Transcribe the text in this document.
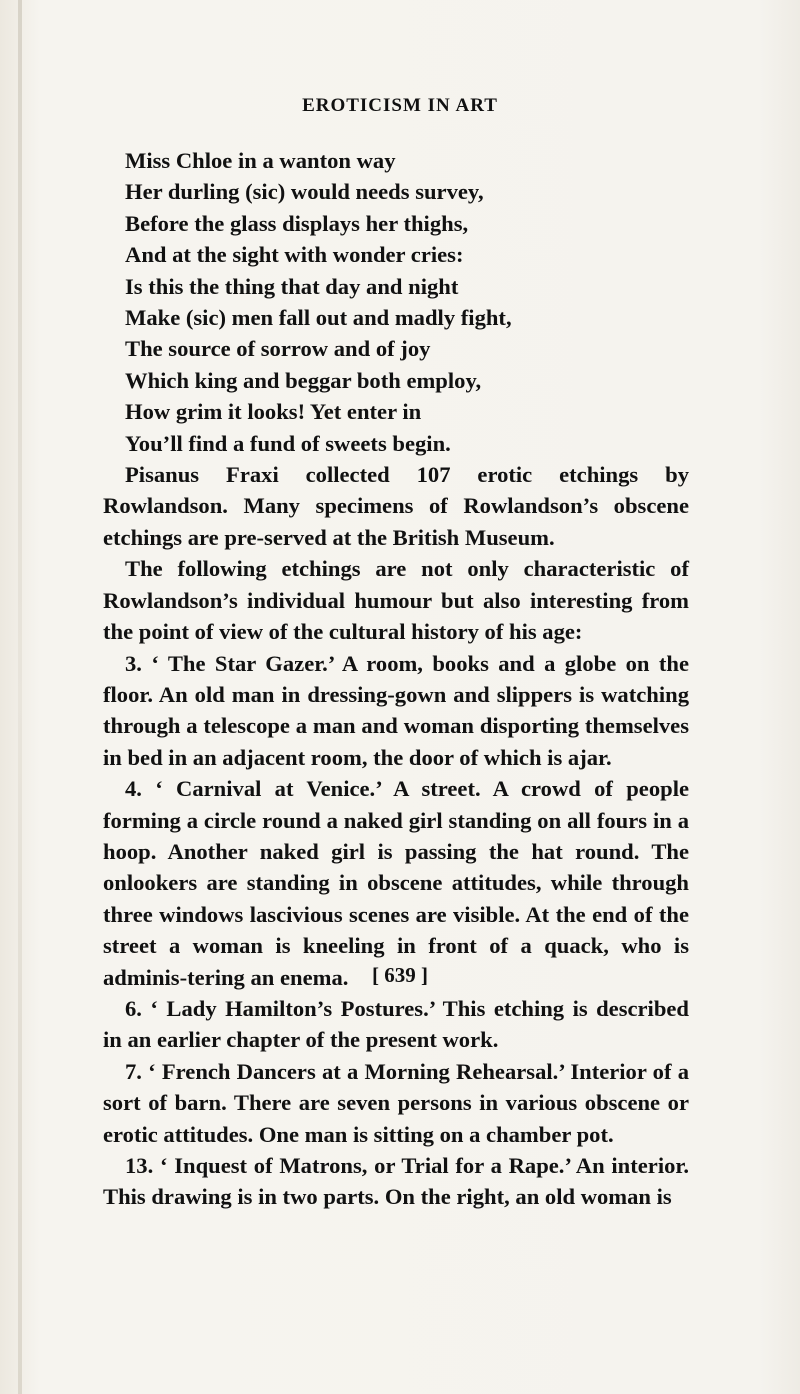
EROTICISM IN ART
Miss Chloe in a wanton way
Her durling (sic) would needs survey,
Before the glass displays her thighs,
And at the sight with wonder cries:
Is this the thing that day and night
Make (sic) men fall out and madly fight,
The source of sorrow and of joy
Which king and beggar both employ,
How grim it looks! Yet enter in
You’ll find a fund of sweets begin.

Pisanus Fraxi collected 107 erotic etchings by Rowlandson. Many specimens of Rowlandson’s obscene etchings are pre-served at the British Museum.

The following etchings are not only characteristic of Rowlandson’s individual humour but also interesting from the point of view of the cultural history of his age:

3. ‘ The Star Gazer.’ A room, books and a globe on the floor. An old man in dressing-gown and slippers is watching through a telescope a man and woman disporting themselves in bed in an adjacent room, the door of which is ajar.

4. ‘ Carnival at Venice.’ A street. A crowd of people forming a circle round a naked girl standing on all fours in a hoop. Another naked girl is passing the hat round. The onlookers are standing in obscene attitudes, while through three windows lascivious scenes are visible. At the end of the street a woman is kneeling in front of a quack, who is adminis-tering an enema.

6. ‘ Lady Hamilton’s Postures.’ This etching is described in an earlier chapter of the present work.

7. ‘ French Dancers at a Morning Rehearsal.’ Interior of a sort of barn. There are seven persons in various obscene or erotic attitudes. One man is sitting on a chamber pot.

13. ‘ Inquest of Matrons, or Trial for a Rape.’ An interior. This drawing is in two parts. On the right, an old woman is

[ 639 ]
